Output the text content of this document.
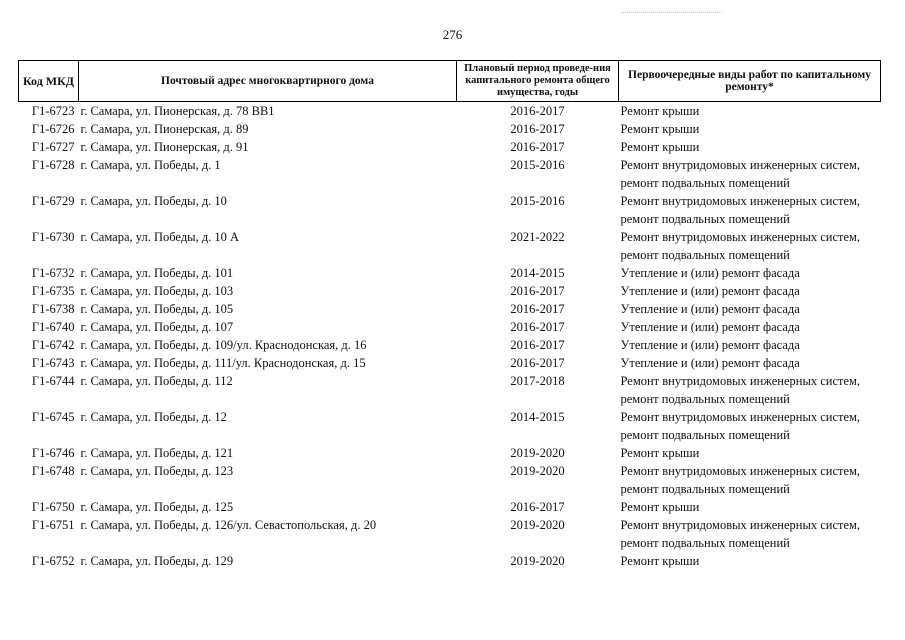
276
Код МКД	Почтовый адрес многоквартирного дома	Плановый период проведе-ния капитального ремонта общего имущества, годы	Первоочередные виды работ по капитальному ремонту*
Г1-6723	г. Самара, ул. Пионерская, д. 78 ВВ1	2016-2017	Ремонт крыши

Г1-6726	г. Самара, ул. Пионерская, д. 89	2016-2017	Ремонт крыши

Г1-6727	г. Самара, ул. Пионерская, д. 91	2016-2017	Ремонт крыши

Г1-6728	г. Самара, ул. Победы, д. 1	2015-2016	Ремонт внутридомовых инженерных систем,
ремонт подвальных помещений

Г1-6729	г. Самара, ул. Победы, д. 10	2015-2016	Ремонт внутридомовых инженерных систем,
ремонт подвальных помещений

Г1-6730	г. Самара, ул. Победы, д. 10 А	2021-2022	Ремонт внутридомовых инженерных систем,
ремонт подвальных помещений

Г1-6732	г. Самара, ул. Победы, д. 101	2014-2015	Утепление и (или) ремонт фасада

Г1-6735	г. Самара, ул. Победы, д. 103	2016-2017	Утепление и (или) ремонт фасада

Г1-6738	г. Самара, ул. Победы, д. 105	2016-2017	Утепление и (или) ремонт фасада

Г1-6740	г. Самара, ул. Победы, д. 107	2016-2017	Утепление и (или) ремонт фасада

Г1-6742	г. Самара, ул. Победы, д. 109/ул. Краснодонская, д. 16	2016-2017	Утепление и (или) ремонт фасада

Г1-6743	г. Самара, ул. Победы, д. 111/ул. Краснодонская, д. 15	2016-2017	Утепление и (или) ремонт фасада

Г1-6744	г. Самара, ул. Победы, д. 112	2017-2018	Ремонт внутридомовых инженерных систем,
ремонт подвальных помещений

Г1-6745	г. Самара, ул. Победы, д. 12	2014-2015	Ремонт внутридомовых инженерных систем,
ремонт подвальных помещений

Г1-6746	г. Самара, ул. Победы, д. 121	2019-2020	Ремонт крыши

Г1-6748	г. Самара, ул. Победы, д. 123	2019-2020	Ремонт внутридомовых инженерных систем,
ремонт подвальных помещений

Г1-6750	г. Самара, ул. Победы, д. 125	2016-2017	Ремонт крыши

Г1-6751	г. Самара, ул. Победы, д. 126/ул. Севастопольская, д. 20	2019-2020	Ремонт внутридомовых инженерных систем,
ремонт подвальных помещений

Г1-6752	г. Самара, ул. Победы, д. 129	2019-2020	Ремонт крыши
